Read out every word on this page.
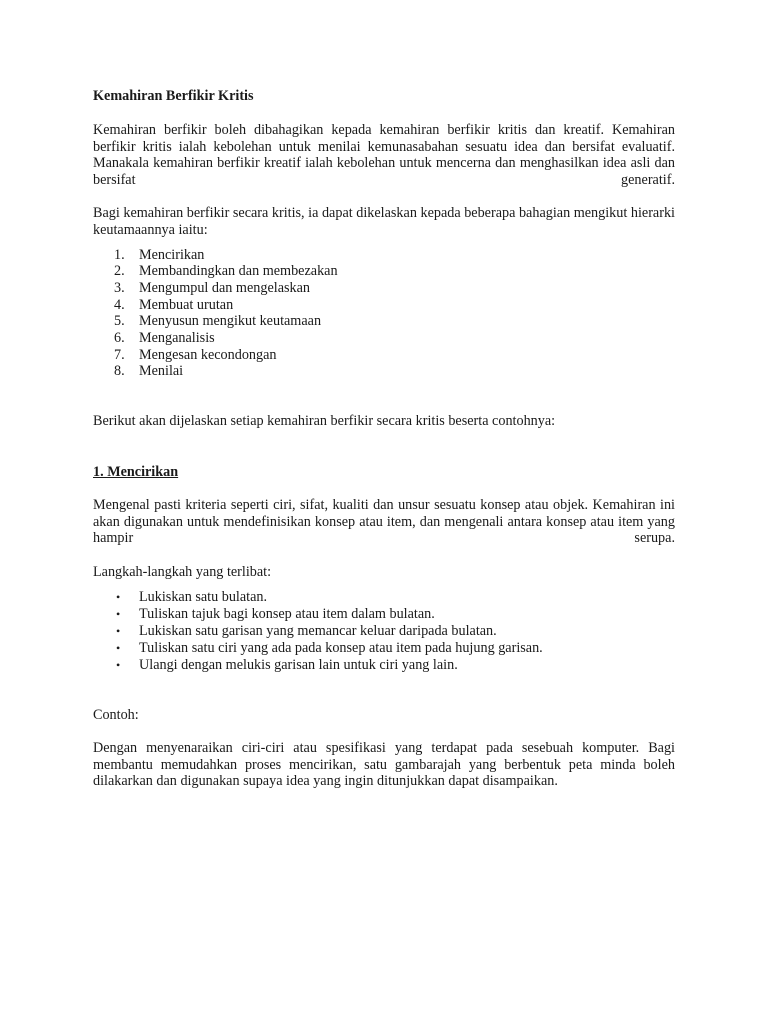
Kemahiran Berfikir Kritis

Kemahiran berfikir boleh dibahagikan kepada kemahiran berfikir kritis dan kreatif. Kemahiran berfikir kritis ialah kebolehan untuk menilai kemunasabahan sesuatu idea dan bersifat evaluatif. Manakala kemahiran berfikir kreatif ialah kebolehan untuk mencerna dan menghasilkan idea asli dan bersifat generatif.

Bagi kemahiran berfikir secara kritis, ia dapat dikelaskan kepada beberapa bahagian mengikut hierarki keutamaannya iaitu:

1.	Mencirikan
2.	Membandingkan dan membezakan
3.	Mengumpul dan mengelaskan
4.	Membuat urutan
5.	Menyusun mengikut keutamaan
6.	Menganalisis
7.	Mengesan kecondongan
8.	Menilai

Berikut akan dijelaskan setiap kemahiran berfikir secara kritis beserta contohnya:

1. Mencirikan

Mengenal pasti kriteria seperti ciri, sifat, kualiti dan unsur sesuatu konsep atau objek. Kemahiran ini akan digunakan untuk mendefinisikan konsep atau item, dan mengenali antara konsep atau item yang hampir serupa.

Langkah-langkah yang terlibat:

• Lukiskan satu bulatan.
• Tuliskan tajuk bagi konsep atau item dalam bulatan.
• Lukiskan satu garisan yang memancar keluar daripada bulatan.
• Tuliskan satu ciri yang ada pada konsep atau item pada hujung garisan.
• Ulangi dengan melukis garisan lain untuk ciri yang lain.

Contoh:

Dengan menyenaraikan ciri-ciri atau spesifikasi yang terdapat pada sesebuah komputer. Bagi membantu memudahkan proses mencirikan, satu gambarajah yang berbentuk peta minda boleh dilakarkan dan digunakan supaya idea yang ingin ditunjukkan dapat disampaikan.
